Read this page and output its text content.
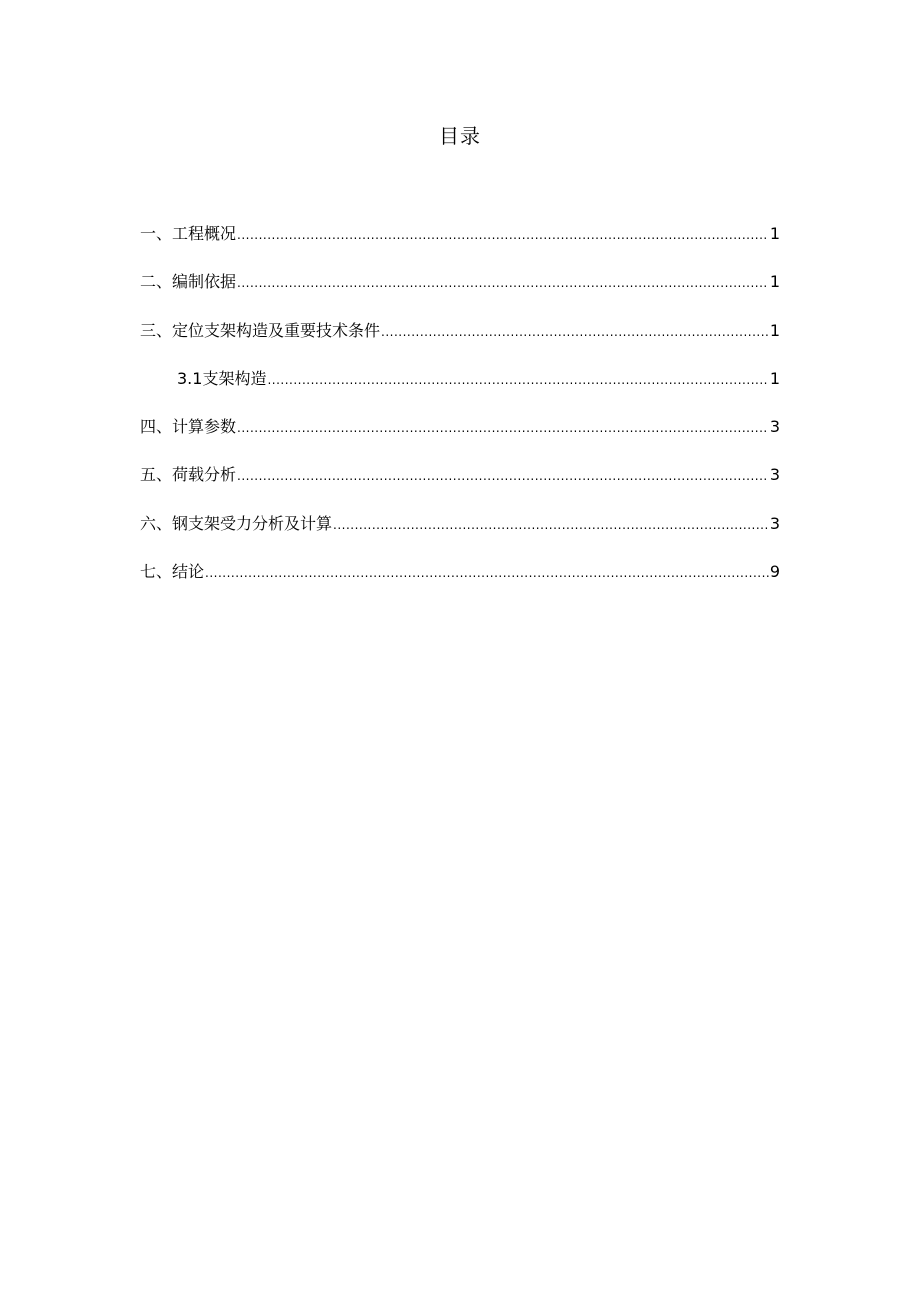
目录
一、 工程概况 .....	1
二、 编制依据 .....	1
三、 定位支架构造及重要技术条件 .....	1
3.1 支架构造 .....	1
四、 计算参数 .....	3
五、 荷载分析 .....	3
六、 钢支架受力分析及计算 .....	3
七、 结论 .....	9
